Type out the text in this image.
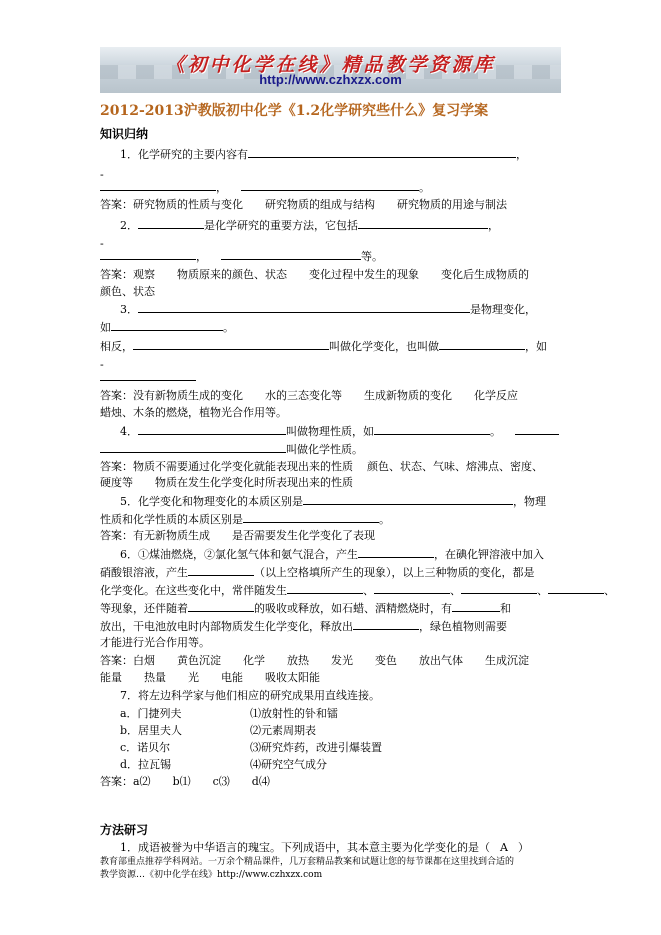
《初中化学在线》精品教学资源库
http://www.czhxzx.com
2012-2013沪教版初中化学《1.2化学研究些什么》复习学案
知识归纳
1．化学研究的主要内容有	，
-
，	。
答案：研究物质的性质与变化 研究物质的组成与结构 研究物质的用途与制法
2．	是化学研究的重要方法，它包括	，
-
，	等。
答案：观察 物质原来的颜色、状态 变化过程中发生的现象 变化后生成物质的
颜色、状态
3．	是物理变化，
如	。
相反，	叫做化学变化，也叫做	，如
-
答案：没有新物质生成的变化 水的三态变化等 生成新物质的变化 化学反应
蜡烛、木条的燃烧，植物光合作用等。
4．	叫做物理性质，如	。
叫做化学性质。
答案：物质不需要通过化学变化就能表现出来的性质 颜色、状态、气味、熔沸点、密度、
硬度等 物质在发生化学变化时所表现出来的性质
5．化学变化和物理变化的本质区别是	，物理
性质和化学性质的本质区别是	。
答案：有无新物质生成 是否需要发生化学变化了表现
6．①煤油燃烧，②氯化氢气体和氨气混合，产生	，在碘化钾溶液中加入
硝酸银溶液，产生	（以上空格填所产生的现象），以上三种物质的变化，都是
化学变化。在这些变化中，常伴随发生	、	、	、	、
等现象，还伴随着	的吸收或释放，如石蜡、酒精燃烧时，有	和
放出，干电池放电时内部物质发生化学变化，释放出	，绿色植物则需要
才能进行光合作用等。
答案：白烟 黄色沉淀 化学 放热 发光 变色 放出气体 生成沉淀
能量 热量 光 电能 吸收太阳能
7．将左边科学家与他们相应的研究成果用直线连接。
a．门捷列夫	⑴放射性的钋和镭
b．居里夫人	⑵元素周期表
c．诺贝尔	⑶研究炸药，改进引爆装置
d．拉瓦锡	⑷研究空气成分
答案：a⑵ b⑴ c⑶ d⑷
方法研习
1．成语被誉为中华语言的瑰宝。下列成语中，其本意主要为化学变化的是（ A ）
教育部重点推荐学科网站。一万余个精品课件，几万套精品教案和试题让您的每节课都在这里找到合适的
教学资源…《初中化学在线》http://www.czhxzx.com
